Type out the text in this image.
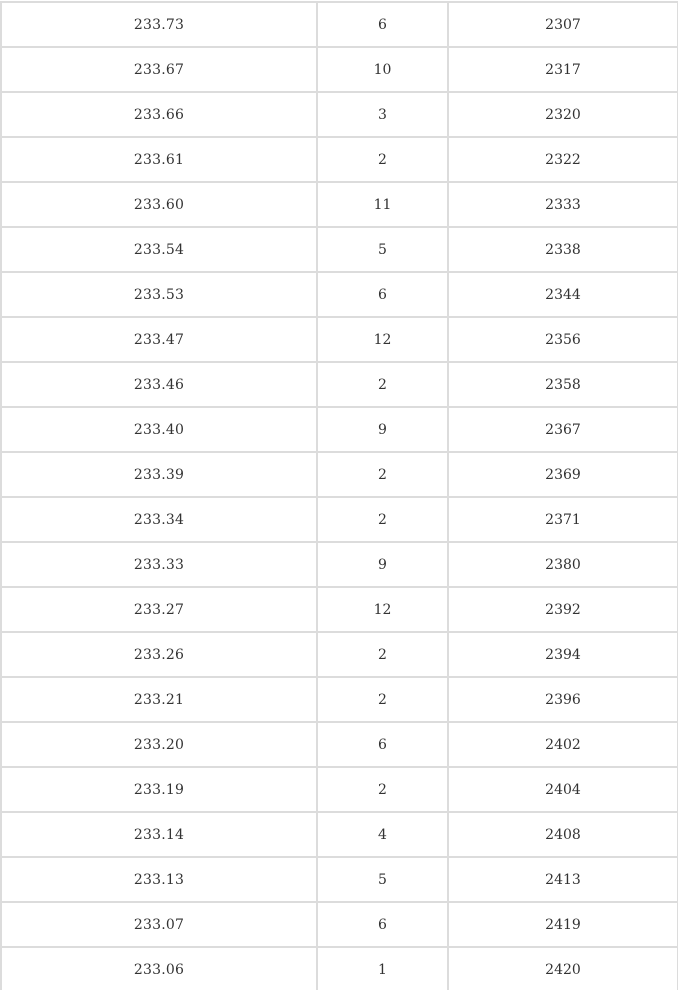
233.73	6	2307
233.67	10	2317
233.66	3	2320
233.61	2	2322
233.60	11	2333
233.54	5	2338
233.53	6	2344
233.47	12	2356
233.46	2	2358
233.40	9	2367
233.39	2	2369
233.34	2	2371
233.33	9	2380
233.27	12	2392
233.26	2	2394
233.21	2	2396
233.20	6	2402
233.19	2	2404
233.14	4	2408
233.13	5	2413
233.07	6	2419
233.06	1	2420
